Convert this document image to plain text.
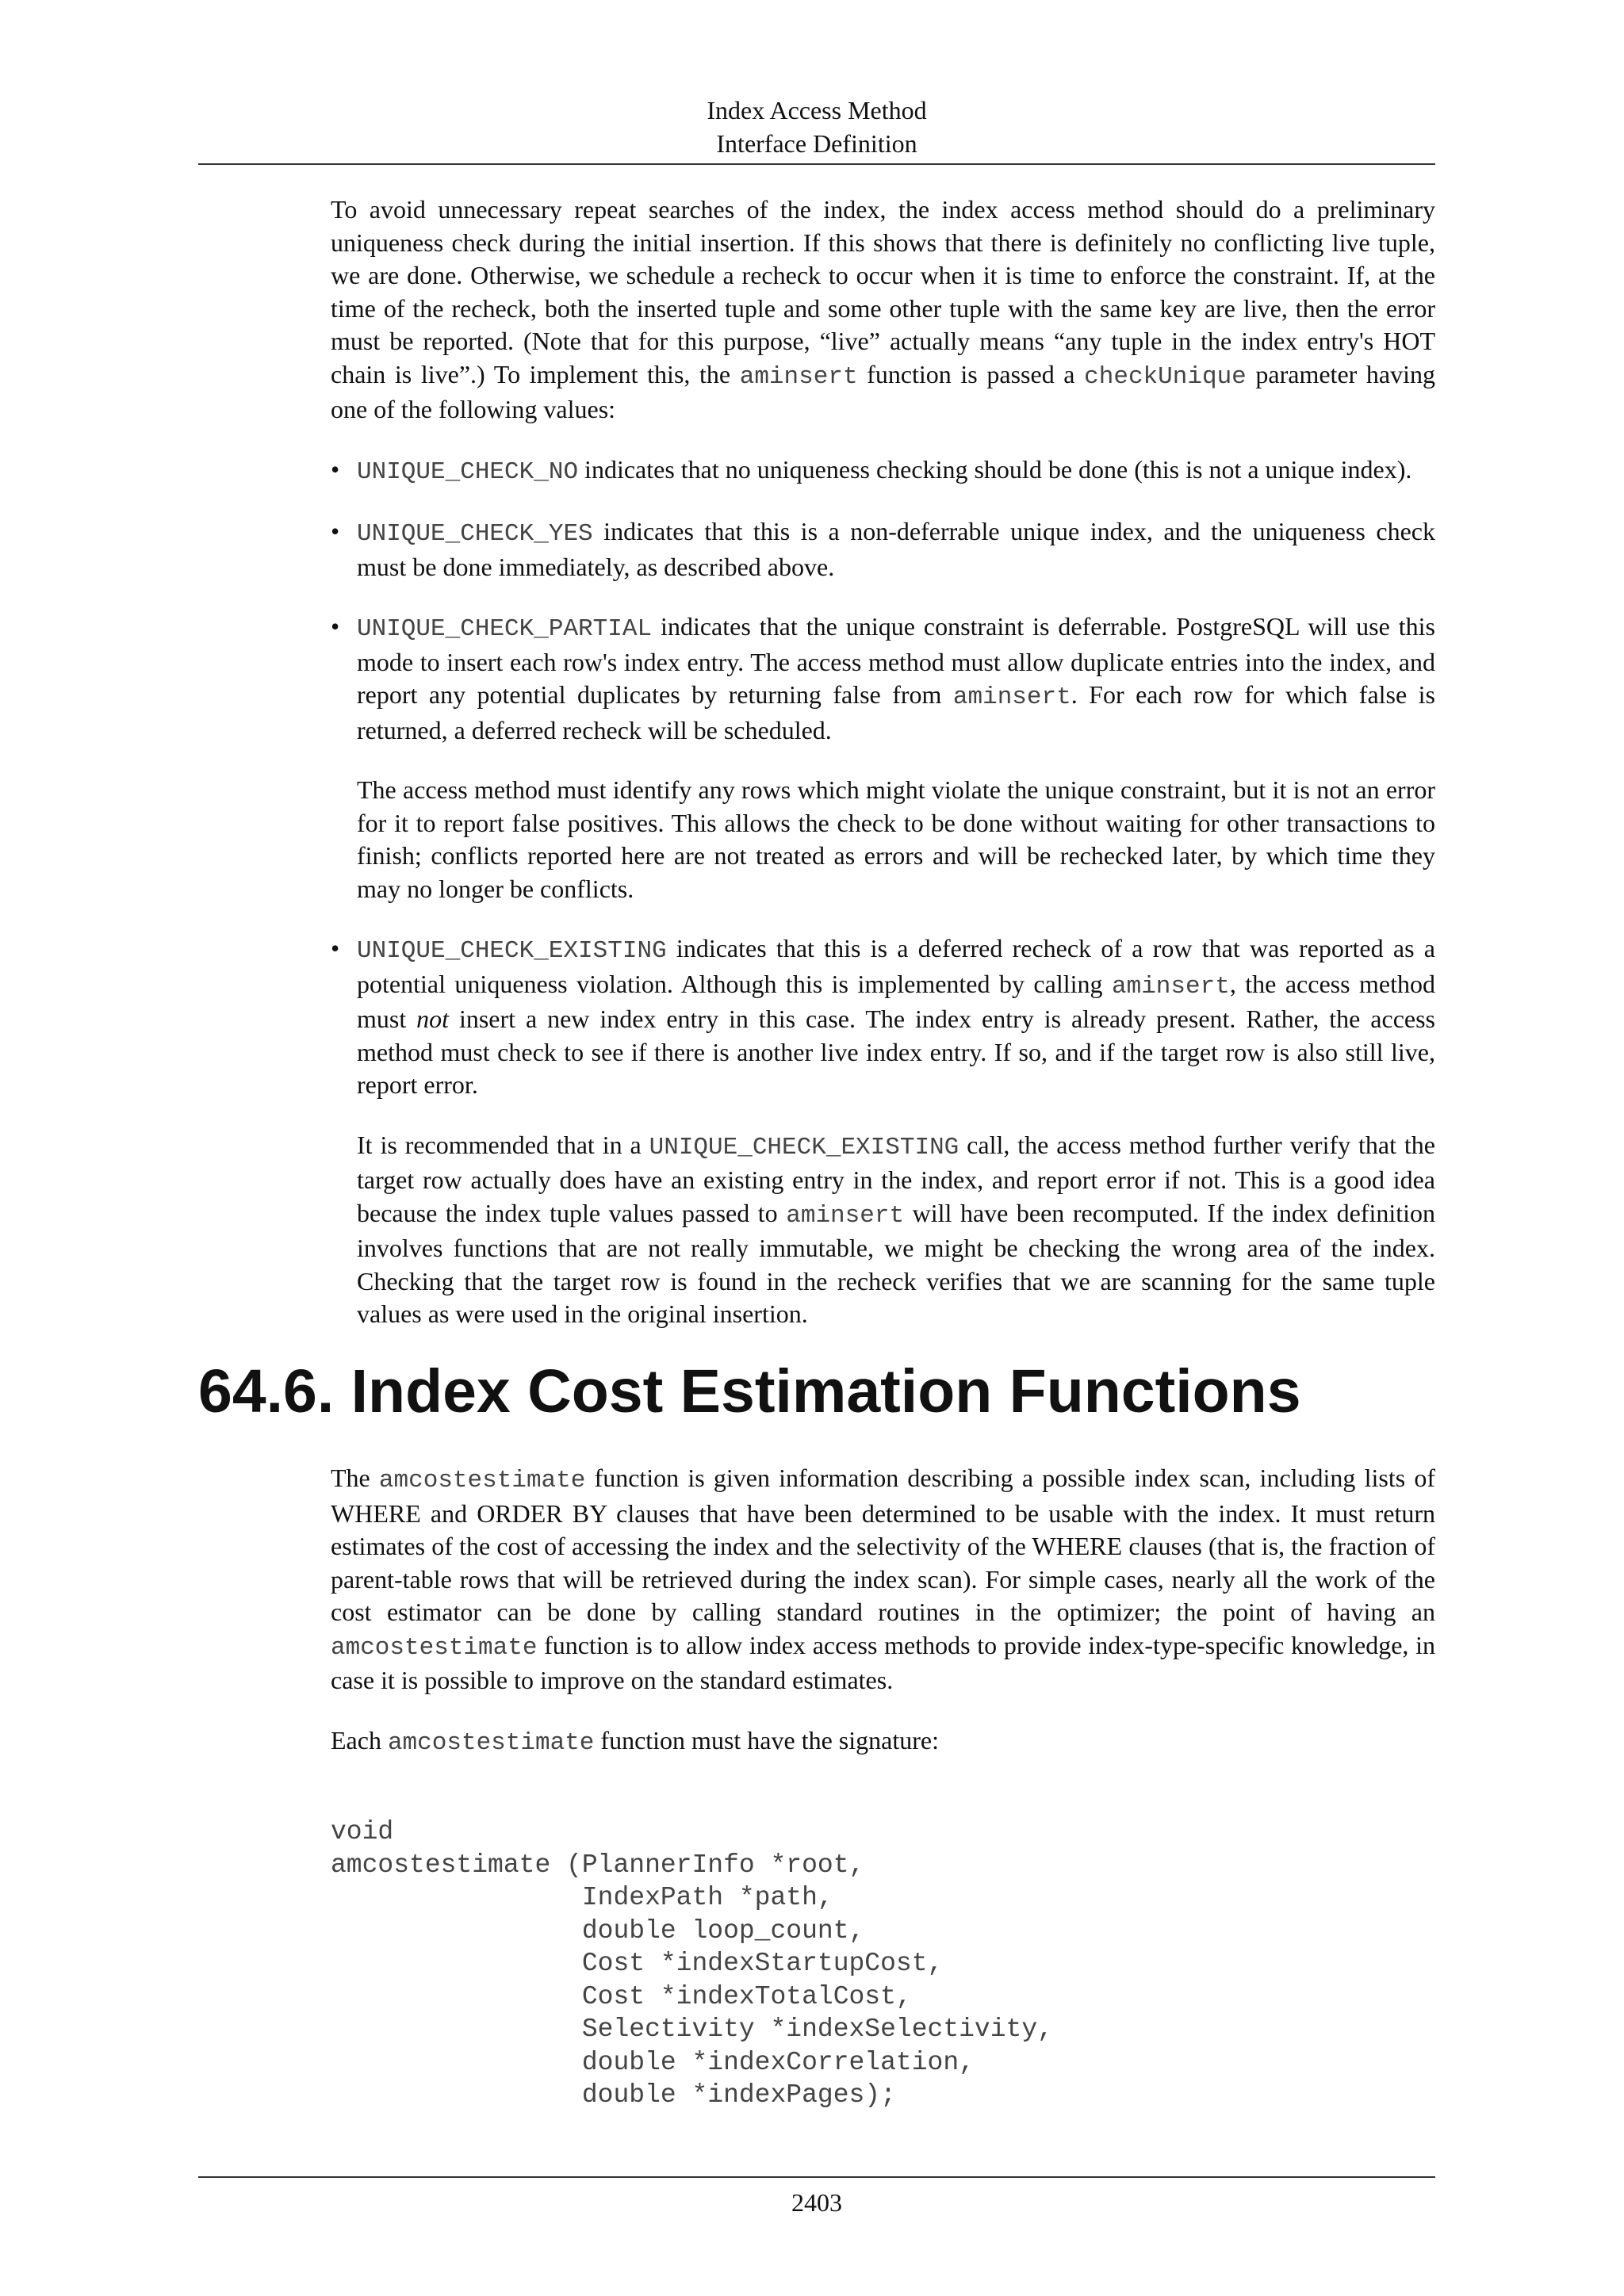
Index Access Method
Interface Definition

To avoid unnecessary repeat searches of the index, the index access method should do a preliminary uniqueness check during the initial insertion. If this shows that there is definitely no conflicting live tuple, we are done. Otherwise, we schedule a recheck to occur when it is time to enforce the constraint. If, at the time of the recheck, both the inserted tuple and some other tuple with the same key are live, then the error must be reported. (Note that for this purpose, “live” actually means “any tuple in the index entry's HOT chain is live”.) To implement this, the aminsert function is passed a checkUnique parameter having one of the following values:

• UNIQUE_CHECK_NO indicates that no uniqueness checking should be done (this is not a unique index).

• UNIQUE_CHECK_YES indicates that this is a non-deferrable unique index, and the uniqueness check must be done immediately, as described above.

• UNIQUE_CHECK_PARTIAL indicates that the unique constraint is deferrable. PostgreSQL will use this mode to insert each row's index entry. The access method must allow duplicate entries into the index, and report any potential duplicates by returning false from aminsert. For each row for which false is returned, a deferred recheck will be scheduled.

The access method must identify any rows which might violate the unique constraint, but it is not an error for it to report false positives. This allows the check to be done without waiting for other transactions to finish; conflicts reported here are not treated as errors and will be rechecked later, by which time they may no longer be conflicts.

• UNIQUE_CHECK_EXISTING indicates that this is a deferred recheck of a row that was reported as a potential uniqueness violation. Although this is implemented by calling aminsert, the access method must not insert a new index entry in this case. The index entry is already present. Rather, the access method must check to see if there is another live index entry. If so, and if the target row is also still live, report error.

It is recommended that in a UNIQUE_CHECK_EXISTING call, the access method further verify that the target row actually does have an existing entry in the index, and report error if not. This is a good idea because the index tuple values passed to aminsert will have been recomputed. If the index definition involves functions that are not really immutable, we might be checking the wrong area of the index. Checking that the target row is found in the recheck verifies that we are scanning for the same tuple values as were used in the original insertion.

64.6. Index Cost Estimation Functions

The amcostestimate function is given information describing a possible index scan, including lists of WHERE and ORDER BY clauses that have been determined to be usable with the index. It must return estimates of the cost of accessing the index and the selectivity of the WHERE clauses (that is, the fraction of parent-table rows that will be retrieved during the index scan). For simple cases, nearly all the work of the cost estimator can be done by calling standard routines in the optimizer; the point of having an amcostestimate function is to allow index access methods to provide index-type-specific knowledge, in case it is possible to improve on the standard estimates.

Each amcostestimate function must have the signature:

void
amcostestimate (PlannerInfo *root,
IndexPath *path,
double loop_count,
Cost *indexStartupCost,
Cost *indexTotalCost,
Selectivity *indexSelectivity,
double *indexCorrelation,
double *indexPages);
2403
